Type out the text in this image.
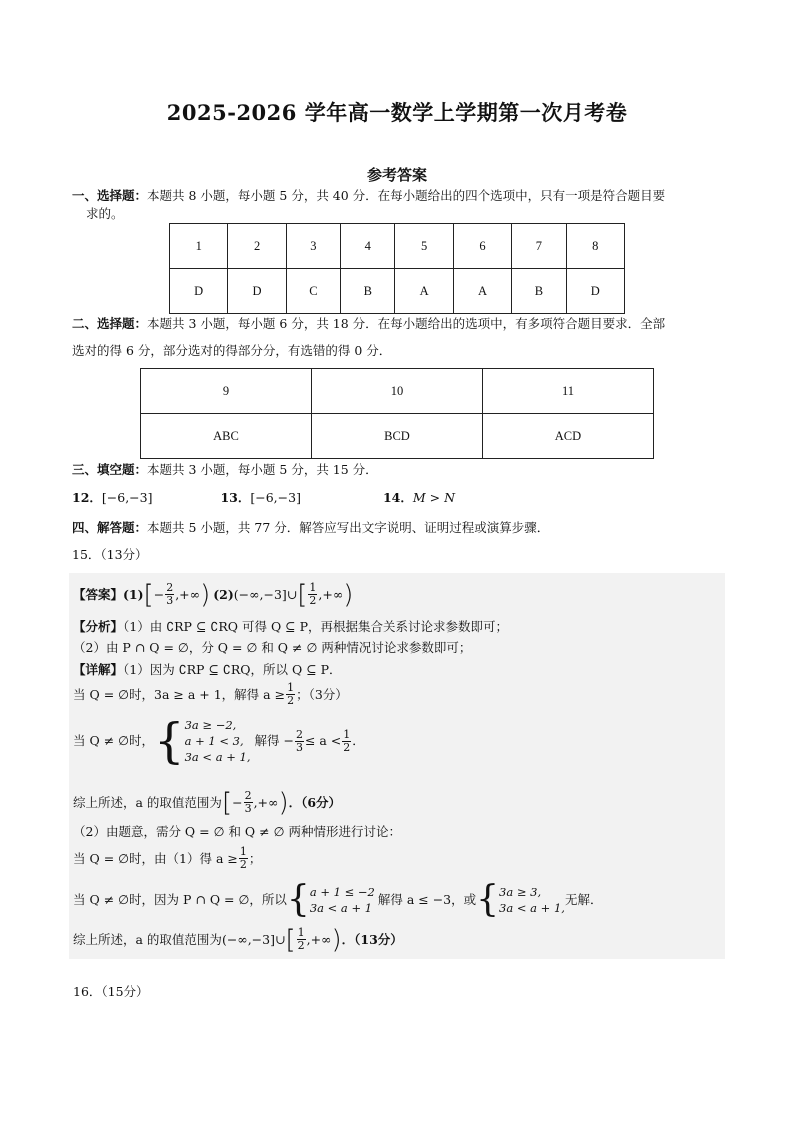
2025-2026 学年高一数学上学期第一次月考卷
参考答案
一、选择题：本题共 8 小题，每小题 5 分，共 40 分．在每小题给出的四个选项中，只有一项是符合题目要
求的。
1	2	3	4	5	6	7	8
D	D	C	B	A	A	B	D
二、选择题：本题共 3 小题，每小题 6 分，共 18 分．在每小题给出的选项中，有多项符合题目要求．全部
选对的得 6 分，部分选对的得部分分，有选错的得 0 分．
9	10	11
ABC	BCD	ACD
三、填空题：本题共 3 小题，每小题 5 分，共 15 分．
12．[−6,−3]	13．[−6,−3]	14．M > N
四、解答题：本题共 5 小题，共 77 分．解答应写出文字说明、证明过程或演算步骤．
15．（13分）
【答案】 (1) [ − $\frac{2}{3}$ ,+∞ ) (2) (−∞,−3]∪ [ $\frac{1}{2}$ ,+∞ )
【分析】（1）由 ∁RP ⊆ ∁RQ 可得 Q ⊆ P，再根据集合关系讨论求参数即可；
（2）由 P ∩ Q = ∅，分 Q = ∅ 和 Q ≠ ∅ 两种情况讨论求参数即可；
【详解】（1）因为 ∁RP ⊆ ∁RQ，所以 Q ⊆ P．
当 Q = ∅时，3a ≥ a + 1，解得 $a \ge \frac{1}{2}$ ；（3分）
当 Q ≠ ∅时， { 3a ≥ −2,
a + 1 < 3,
3a < a + 1,
解得 − $\frac{2}{3} \le a < \frac{1}{2}$ ．
综上所述，a 的取值范围为 [ − $\frac{2}{3}$ ,+∞ ) ．（6分）
（2）由题意，需分 Q = ∅ 和 Q ≠ ∅ 两种情形进行讨论：
当 Q = ∅时，由（1）得 $a \ge \frac{1}{2}$ ；
当 Q ≠ ∅时，因为 P ∩ Q = ∅，所以 { a + 1 ≤ −2
3a < a + 1
解得 a ≤ −3，或 { 3a ≥ 3,
3a < a + 1,
无解．
综上所述，a 的取值范围为 (−∞,−3]∪ [ $\frac{1}{2}$ ,+∞ ) ．（13分）
16．（15分）
